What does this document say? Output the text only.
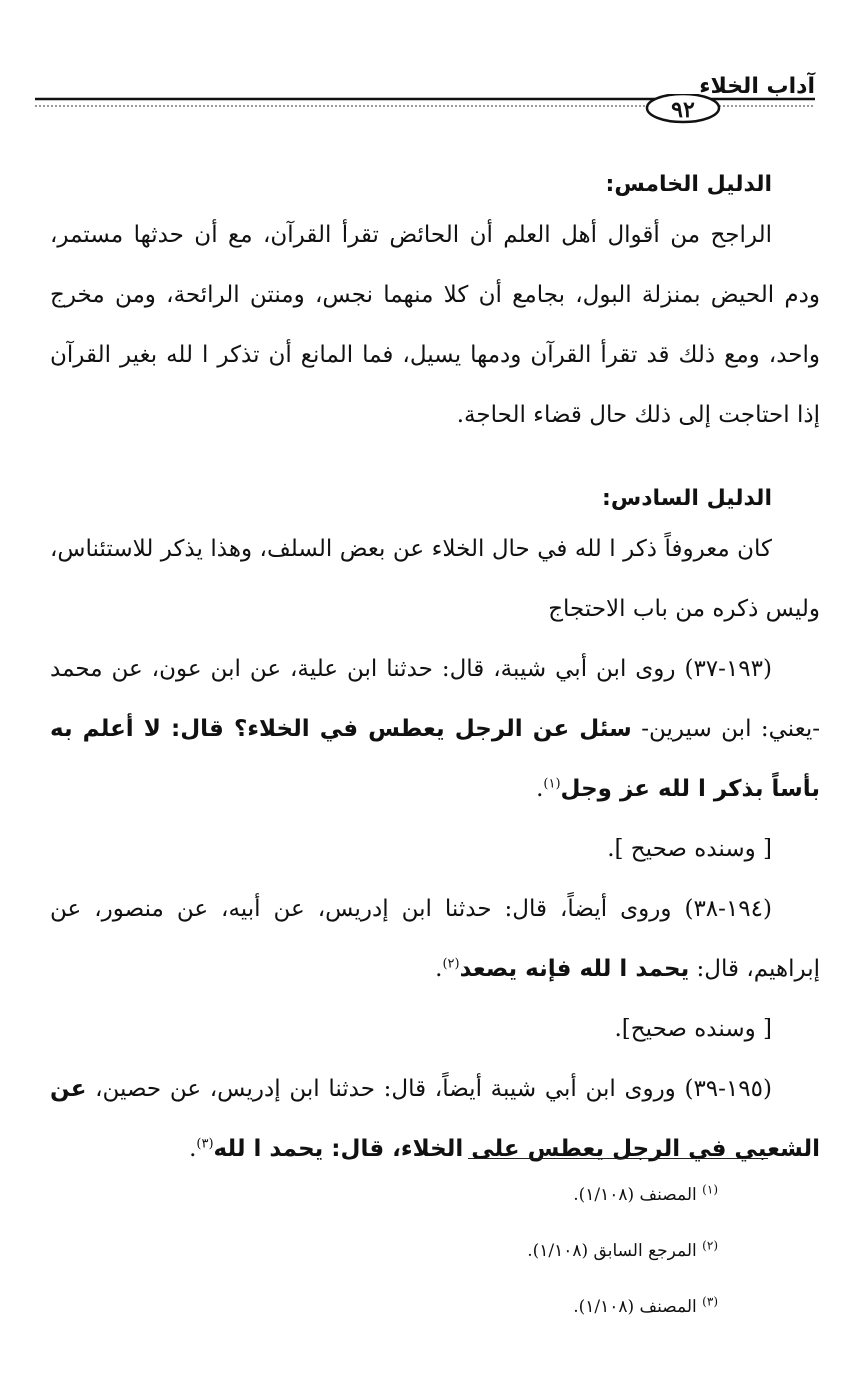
آداب الخلاء
٩٢
الدليل الخامس:

الراجح من أقوال أهل العلم أن الحائض تقرأ القرآن، مع أن حدثها مستمر، ودم الحيض بمنزلة البول، بجامع أن كلا منهما نجس، ومنتن الرائحة، ومن مخرج واحد، ومع ذلك قد تقرأ القرآن ودمها يسيل، فما المانع أن تذكر ا لله بغير القرآن إذا احتاجت إلى ذلك حال قضاء الحاجة.

الدليل السادس:

كان معروفاً ذكر ا لله في حال الخلاء عن بعض السلف، وهذا يذكر للاستئناس، وليس ذكره من باب الاحتجاج

(١٩٣-٣٧) روى ابن أبي شيبة، قال: حدثنا ابن علية، عن ابن عون، عن محمد -يعني: ابن سيرين- سئل عن الرجل يعطس في الخلاء؟ قال: لا أعلم به بأساً بذكر ا لله عز وجل$^{(١)}$.

[ وسنده صحيح ].

(١٩٤-٣٨) وروى أيضاً، قال: حدثنا ابن إدريس، عن أبيه، عن منصور، عن إبراهيم، قال: يحمد ا لله فإنه يصعد$^{(٢)}$.

[ وسنده صحيح].

(١٩٥-٣٩) وروى ابن أبي شيبة أيضاً، قال: حدثنا ابن إدريس، عن حصين، عن الشعبي في الرجل يعطس على الخلاء، قال: يحمد ا لله$^{(٣)}$.

$^{(١)}$ المصنف (١/١٠٨).
$^{(٢)}$ المرجع السابق (١/١٠٨).
$^{(٣)}$ المصنف (١/١٠٨).
